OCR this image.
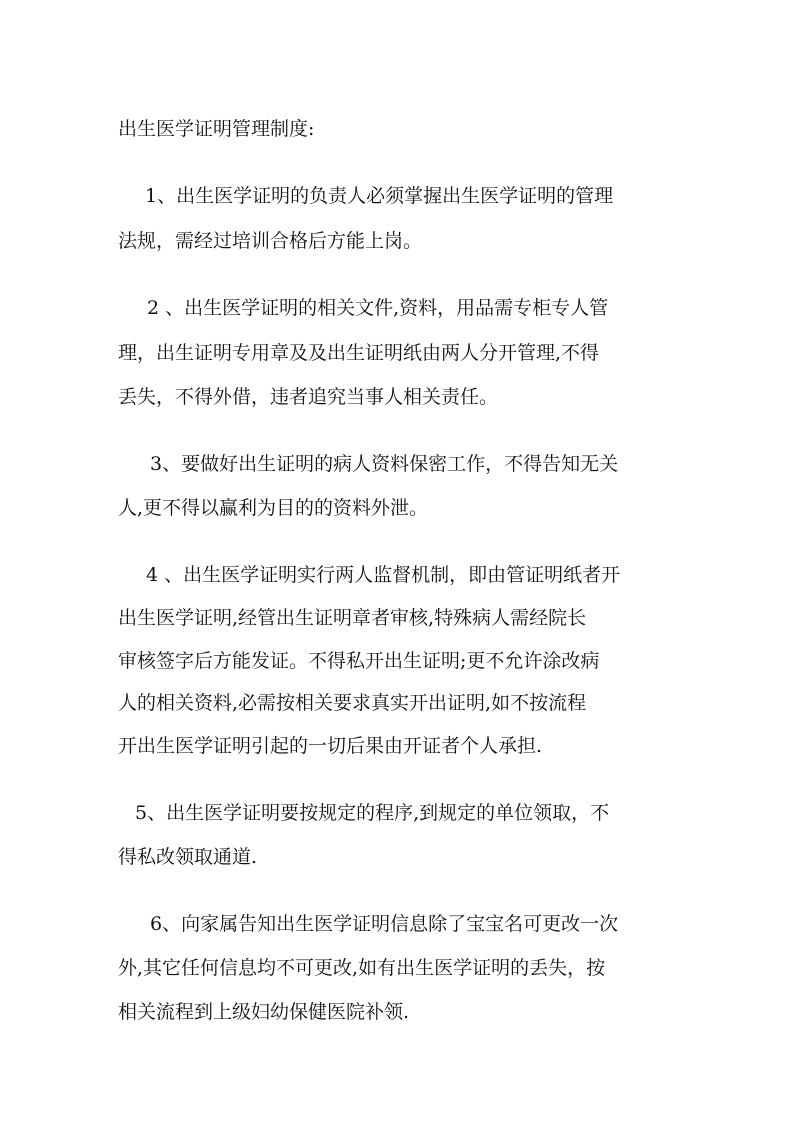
出生医学证明管理制度:

1、出生医学证明的负责人必须掌握出生医学证明的管理

法规，需经过培训合格后方能上岗。

2 、出生医学证明的相关文件,资料，用品需专柜专人管

理，出生证明专用章及及出生证明纸由两人分开管理,不得

丢失，不得外借，违者追究当事人相关责任。

3、要做好出生证明的病人资料保密工作，不得告知无关

人,更不得以赢利为目的的资料外泄。

4 、出生医学证明实行两人监督机制，即由管证明纸者开

出生医学证明,经管出生证明章者审核,特殊病人需经院长

审核签字后方能发证。不得私开出生证明;更不允许涂改病

人的相关资料,必需按相关要求真实开出证明,如不按流程

开出生医学证明引起的一切后果由开证者个人承担.

5、出生医学证明要按规定的程序,到规定的单位领取，不

得私改领取通道.

6、向家属告知出生医学证明信息除了宝宝名可更改一次

外,其它任何信息均不可更改,如有出生医学证明的丢失，按

相关流程到上级妇幼保健医院补领.
